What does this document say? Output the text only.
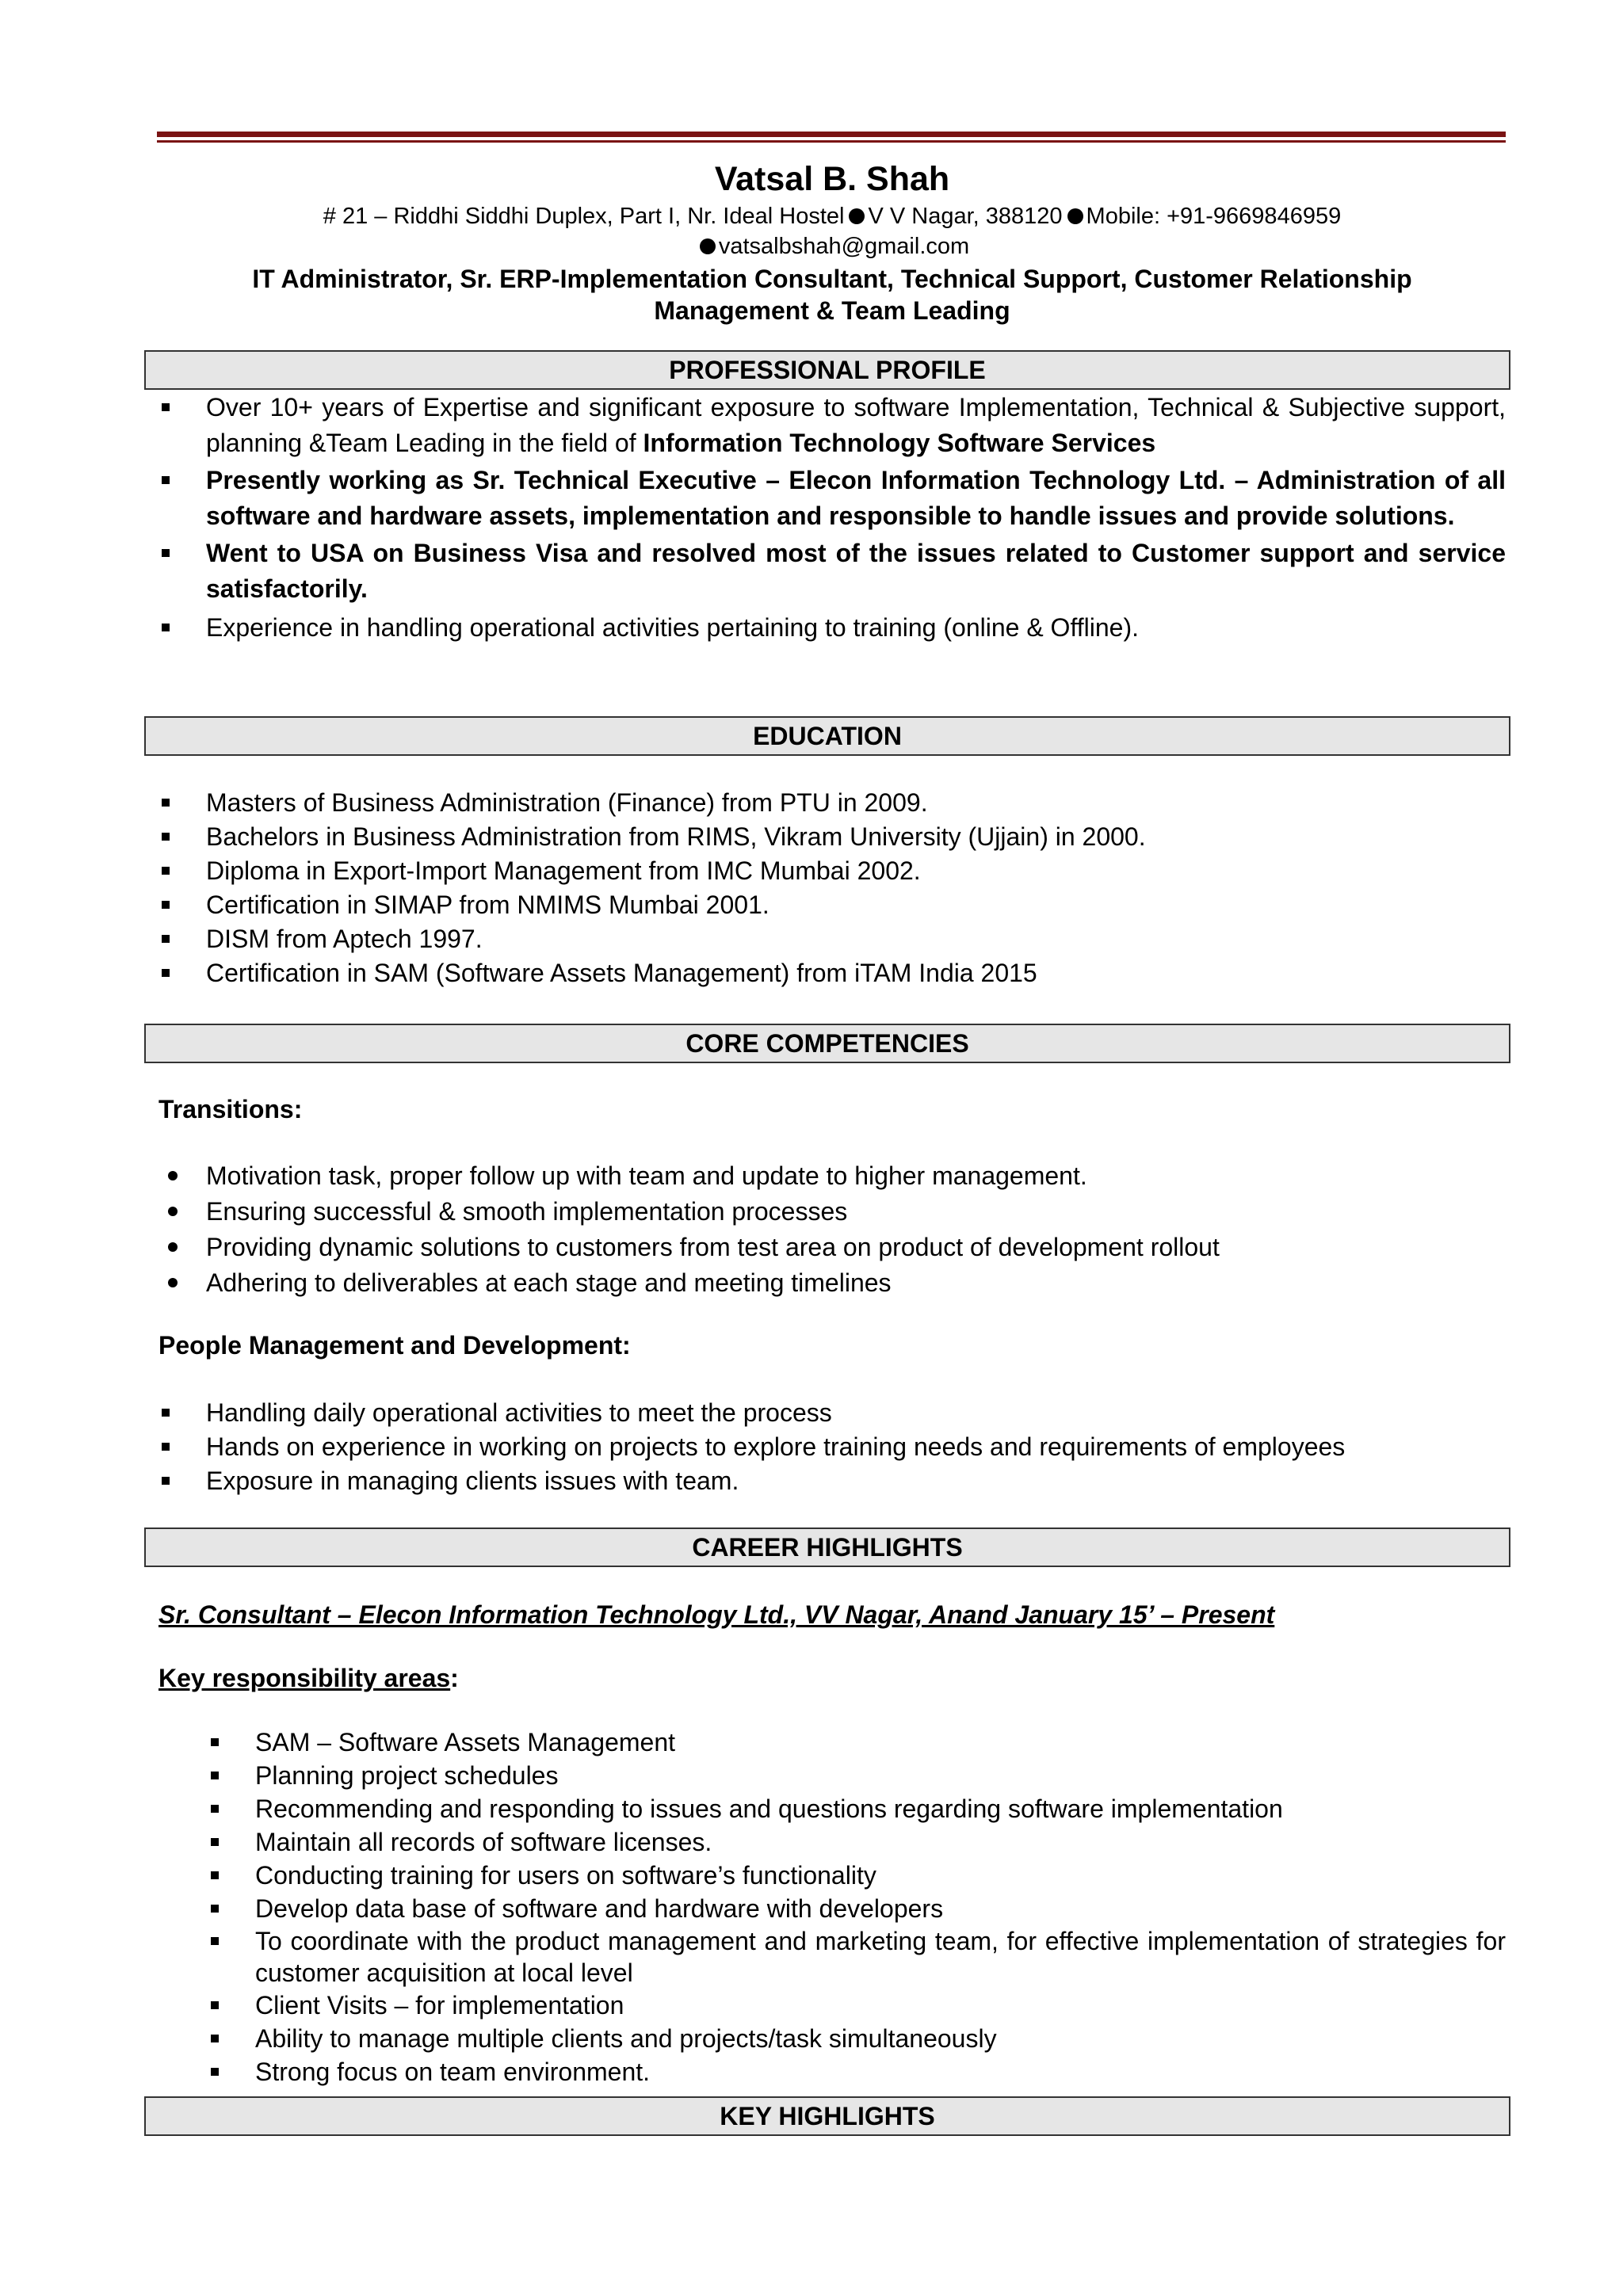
Vatsal B. Shah
# 21 – Riddhi Siddhi Duplex, Part I, Nr. Ideal Hostel V V Nagar, 388120 Mobile: +91-9669846959
vatsalbshah@gmail.com
IT Administrator, Sr. ERP-Implementation Consultant, Technical Support, Customer Relationship
Management & Team Leading
PROFESSIONAL PROFILE
Over 10+ years of Expertise and significant exposure to software Implementation, Technical & Subjective support, planning &Team Leading in the field of Information Technology Software Services
Presently working as Sr. Technical Executive – Elecon Information Technology Ltd. – Administration of all software and hardware assets, implementation and responsible to handle issues and provide solutions.
Went to USA on Business Visa and resolved most of the issues related to Customer support and service satisfactorily.
Experience in handling operational activities pertaining to training (online & Offline).
EDUCATION
Masters of Business Administration (Finance) from PTU in 2009.
Bachelors in Business Administration from RIMS, Vikram University (Ujjain) in 2000.
Diploma in Export-Import Management from IMC Mumbai 2002.
Certification in SIMAP from NMIMS Mumbai 2001.
DISM from Aptech 1997.
Certification in SAM (Software Assets Management) from iTAM India 2015
CORE COMPETENCIES
Transitions:
Motivation task, proper follow up with team and update to higher management.
Ensuring successful & smooth implementation processes
Providing dynamic solutions to customers from test area on product of development rollout
Adhering to deliverables at each stage and meeting timelines
People Management and Development:
Handling daily operational activities to meet the process
Hands on experience in working on projects to explore training needs and requirements of employees
Exposure in managing clients issues with team.
CAREER HIGHLIGHTS
Sr. Consultant – Elecon Information Technology Ltd., VV Nagar, Anand January 15’ – Present
Key responsibility areas:
SAM – Software Assets Management
Planning project schedules
Recommending and responding to issues and questions regarding software implementation
Maintain all records of software licenses.
Conducting training for users on software’s functionality
Develop data base of software and hardware with developers
To coordinate with the product management and marketing team, for effective implementation of strategies for customer acquisition at local level
Client Visits – for implementation
Ability to manage multiple clients and projects/task simultaneously
Strong focus on team environment.
KEY HIGHLIGHTS
